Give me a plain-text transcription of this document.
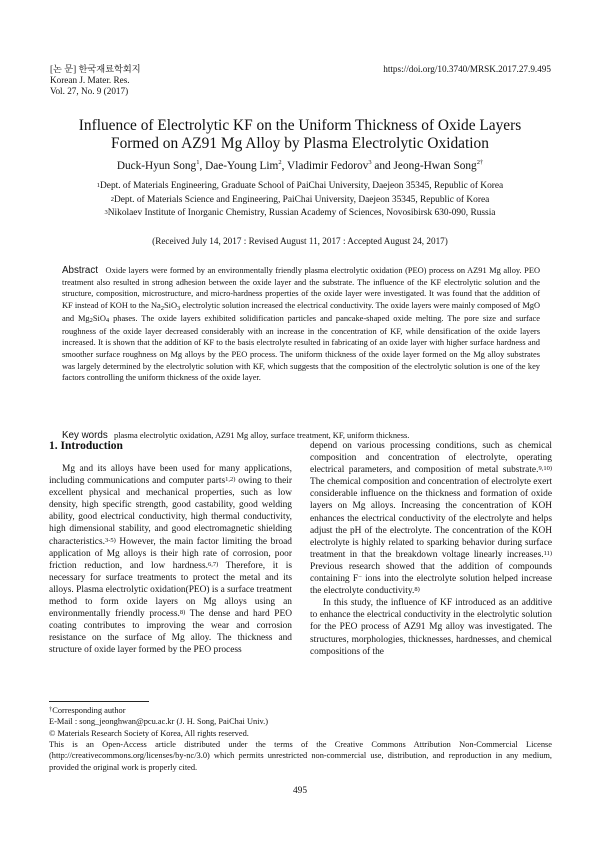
[논 문] 한국재료학회지
Korean J. Mater. Res.
Vol. 27, No. 9 (2017)
https://doi.org/10.3740/MRSK.2017.27.9.495
Influence of Electrolytic KF on the Uniform Thickness of Oxide Layers
Formed on AZ91 Mg Alloy by Plasma Electrolytic Oxidation
Duck-Hyun Song$^1$, Dae-Young Lim$^2$, Vladimir Fedorov$^3$ and Jeong-Hwan Song$^{2\dagger}$
$^1$Dept. of Materials Engineering, Graduate School of PaiChai University, Daejeon 35345, Republic of Korea
$^2$Dept. of Materials Science and Engineering, PaiChai University, Daejeon 35345, Republic of Korea
$^3$Nikolaev Institute of Inorganic Chemistry, Russian Academy of Sciences, Novosibirsk 630-090, Russia
(Received July 14, 2017 : Revised August 11, 2017 : Accepted August 24, 2017)
Abstract Oxide layers were formed by an environmentally friendly plasma electrolytic oxidation (PEO) process on AZ91 Mg alloy. PEO treatment also resulted in strong adhesion between the oxide layer and the substrate. The influence of the KF electrolytic solution and the structure, composition, microstructure, and micro-hardness properties of the oxide layer were investigated. It was found that the addition of KF instead of KOH to the $Na_2SiO_3$ electrolytic solution increased the electrical conductivity. The oxide layers were mainly composed of MgO and $Mg_2SiO_4$ phases. The oxide layers exhibited solidification particles and pancake-shaped oxide melting. The pore size and surface roughness of the oxide layer decreased considerably with an increase in the concentration of KF, while densification of the oxide layers increased. It is shown that the addition of KF to the basis electrolyte resulted in fabricating of an oxide layer with higher surface hardness and smoother surface roughness on Mg alloys by the PEO process. The uniform thickness of the oxide layer formed on the Mg alloy substrates was largely determined by the electrolytic solution with KF, which suggests that the composition of the electrolytic solution is one of the key factors controlling the uniform thickness of the oxide layer.
Key words plasma electrolytic oxidation, AZ91 Mg alloy, surface treatment, KF, uniform thickness.
1. Introduction
Mg and its alloys have been used for many applications, including communications and computer parts$^{1,2)}$ owing to their excellent physical and mechanical properties, such as low density, high specific strength, good castability, good welding ability, good electrical conductivity, high thermal conductivity, high dimensional stability, and good electromagnetic shielding characteristics.$^{3-5)}$ However, the main factor limiting the broad application of Mg alloys is their high rate of corrosion, poor friction reduction, and low hardness.$^{6,7)}$ Therefore, it is necessary for surface treatments to protect the metal and its alloys. Plasma electrolytic oxidation(PEO) is a surface treatment method to form oxide layers on Mg alloys using an environmentally friendly process.$^{8)}$ The dense and hard PEO coating contributes to improving the wear and corrosion resistance on the surface of Mg alloy. The thickness and structure of oxide layer formed by the PEO process

depend on various processing conditions, such as chemical composition and concentration of electrolyte, operating electrical parameters, and composition of metal substrate.$^{9,10)}$ The chemical composition and concentration of electrolyte exert considerable influence on the thickness and formation of oxide layers on Mg alloys. Increasing the concentration of KOH enhances the electrical conductivity of the electrolyte and helps adjust the pH of the electrolyte. The concentration of the KOH electrolyte is highly related to sparking behavior during surface treatment in that the breakdown voltage linearly increases.$^{11)}$ Previous research showed that the addition of compounds containing F− ions into the electrolyte solution helped increase the electrolyte conductivity.$^{8)}$

In this study, the influence of KF introduced as an additive to enhance the electrical conductivity in the electrolytic solution for the PEO process of AZ91 Mg alloy was investigated. The structures, morphologies, thicknesses, hardnesses, and chemical compositions of the

†Corresponding author
E-Mail : song_jeonghwan@pcu.ac.kr (J. H. Song, PaiChai Univ.)
© Materials Research Society of Korea, All rights reserved.
This is an Open-Access article distributed under the terms of the Creative Commons Attribution Non-Commercial License (http://creativecommons.org/licenses/by-nc/3.0) which permits unrestricted non-commercial use, distribution, and reproduction in any medium, provided the original work is properly cited.
495
